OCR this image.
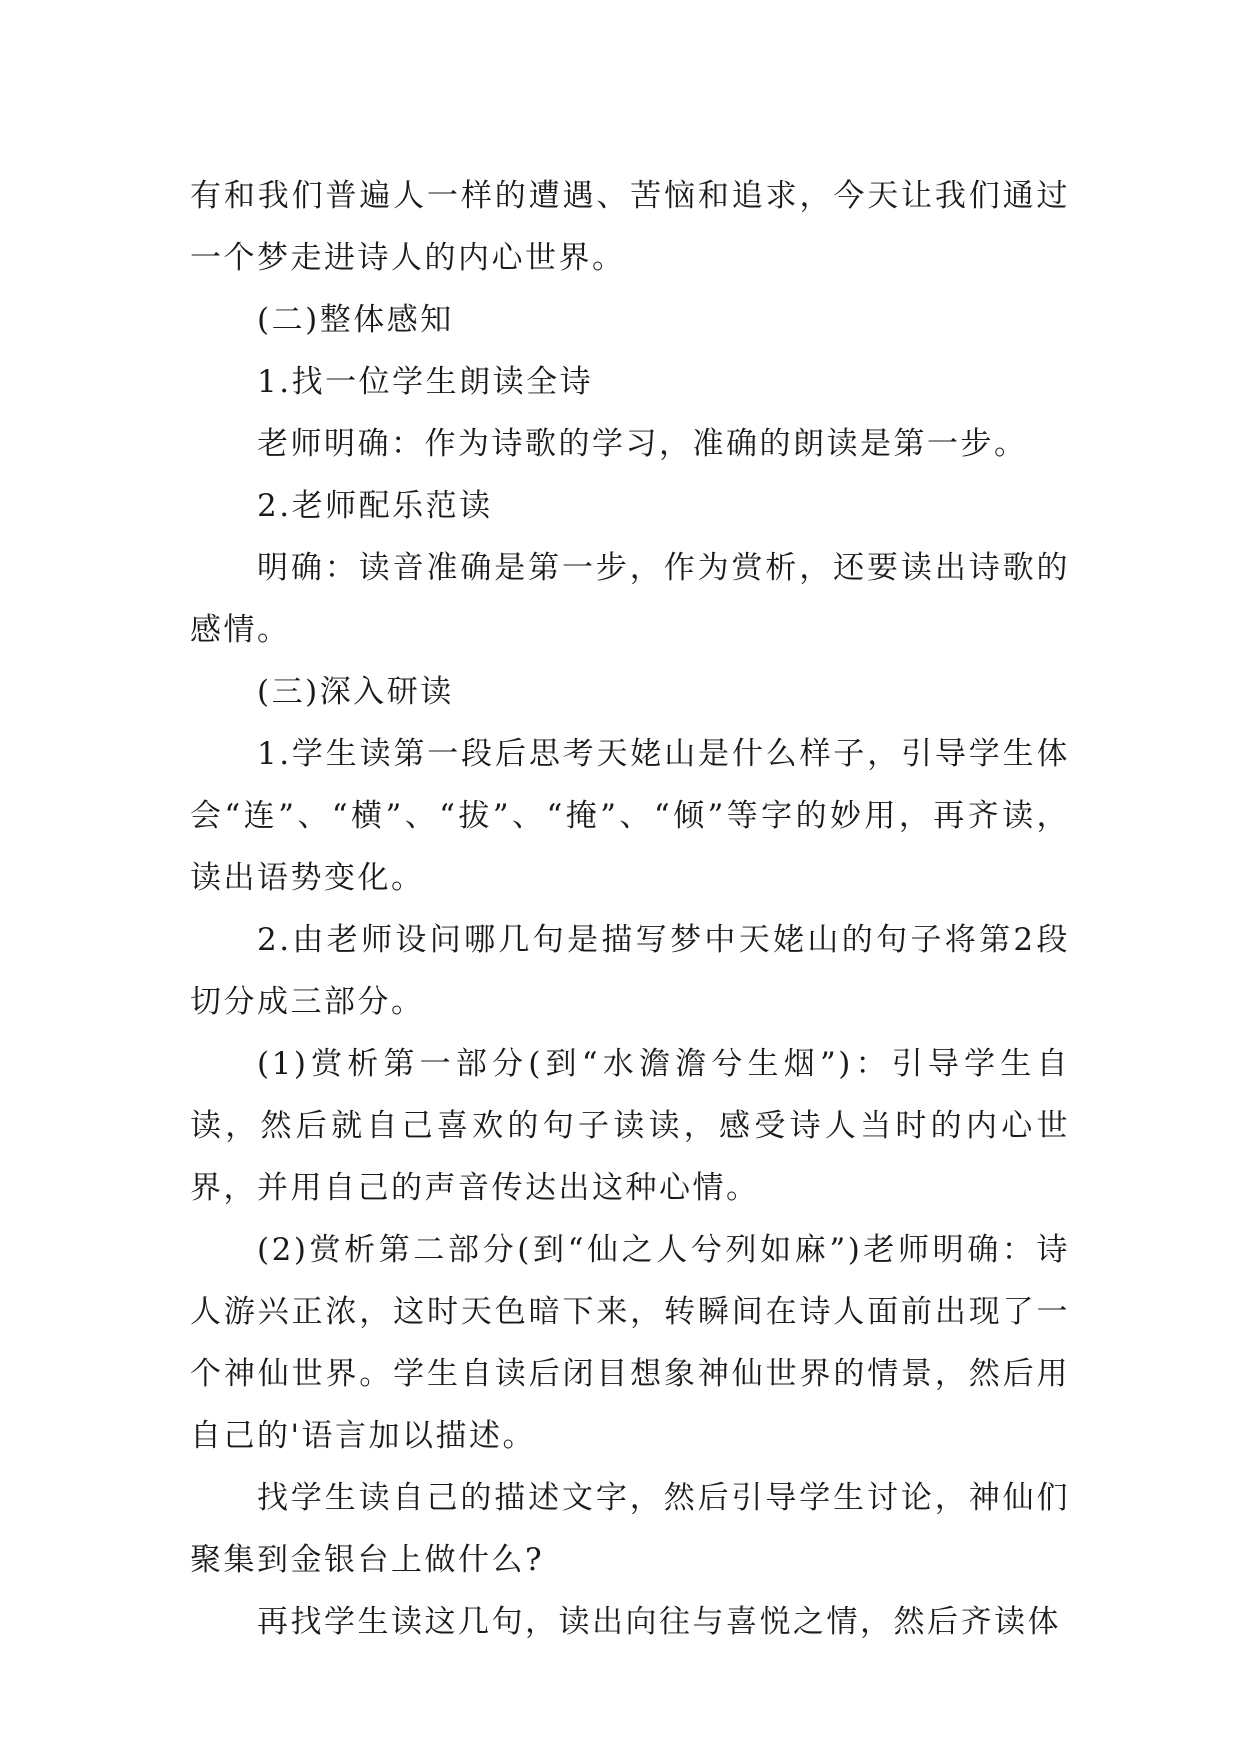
有和我们普遍人一样的遭遇、苦恼和追求，今天让我们通过一个梦走进诗人的内心世界。

(二)整体感知

1.找一位学生朗读全诗

老师明确：作为诗歌的学习，准确的朗读是第一步。

2.老师配乐范读

明确：读音准确是第一步，作为赏析，还要读出诗歌的感情。

(三)深入研读

1.学生读第一段后思考天姥山是什么样子，引导学生体会“连”、“横”、“拔”、“掩”、“倾”等字的妙用，再齐读，读出语势变化。

2.由老师设问哪几句是描写梦中天姥山的句子将第2段切分成三部分。

(1)赏析第一部分(到“水澹澹兮生烟”)：引导学生自读，然后就自己喜欢的句子读读，感受诗人当时的内心世界，并用自己的声音传达出这种心情。

(2)赏析第二部分(到“仙之人兮列如麻”)老师明确：诗人游兴正浓，这时天色暗下来，转瞬间在诗人面前出现了一个神仙世界。学生自读后闭目想象神仙世界的情景，然后用自己的'语言加以描述。

找学生读自己的描述文字，然后引导学生讨论，神仙们聚集到金银台上做什么?

再找学生读这几句，读出向往与喜悦之情，然后齐读体
